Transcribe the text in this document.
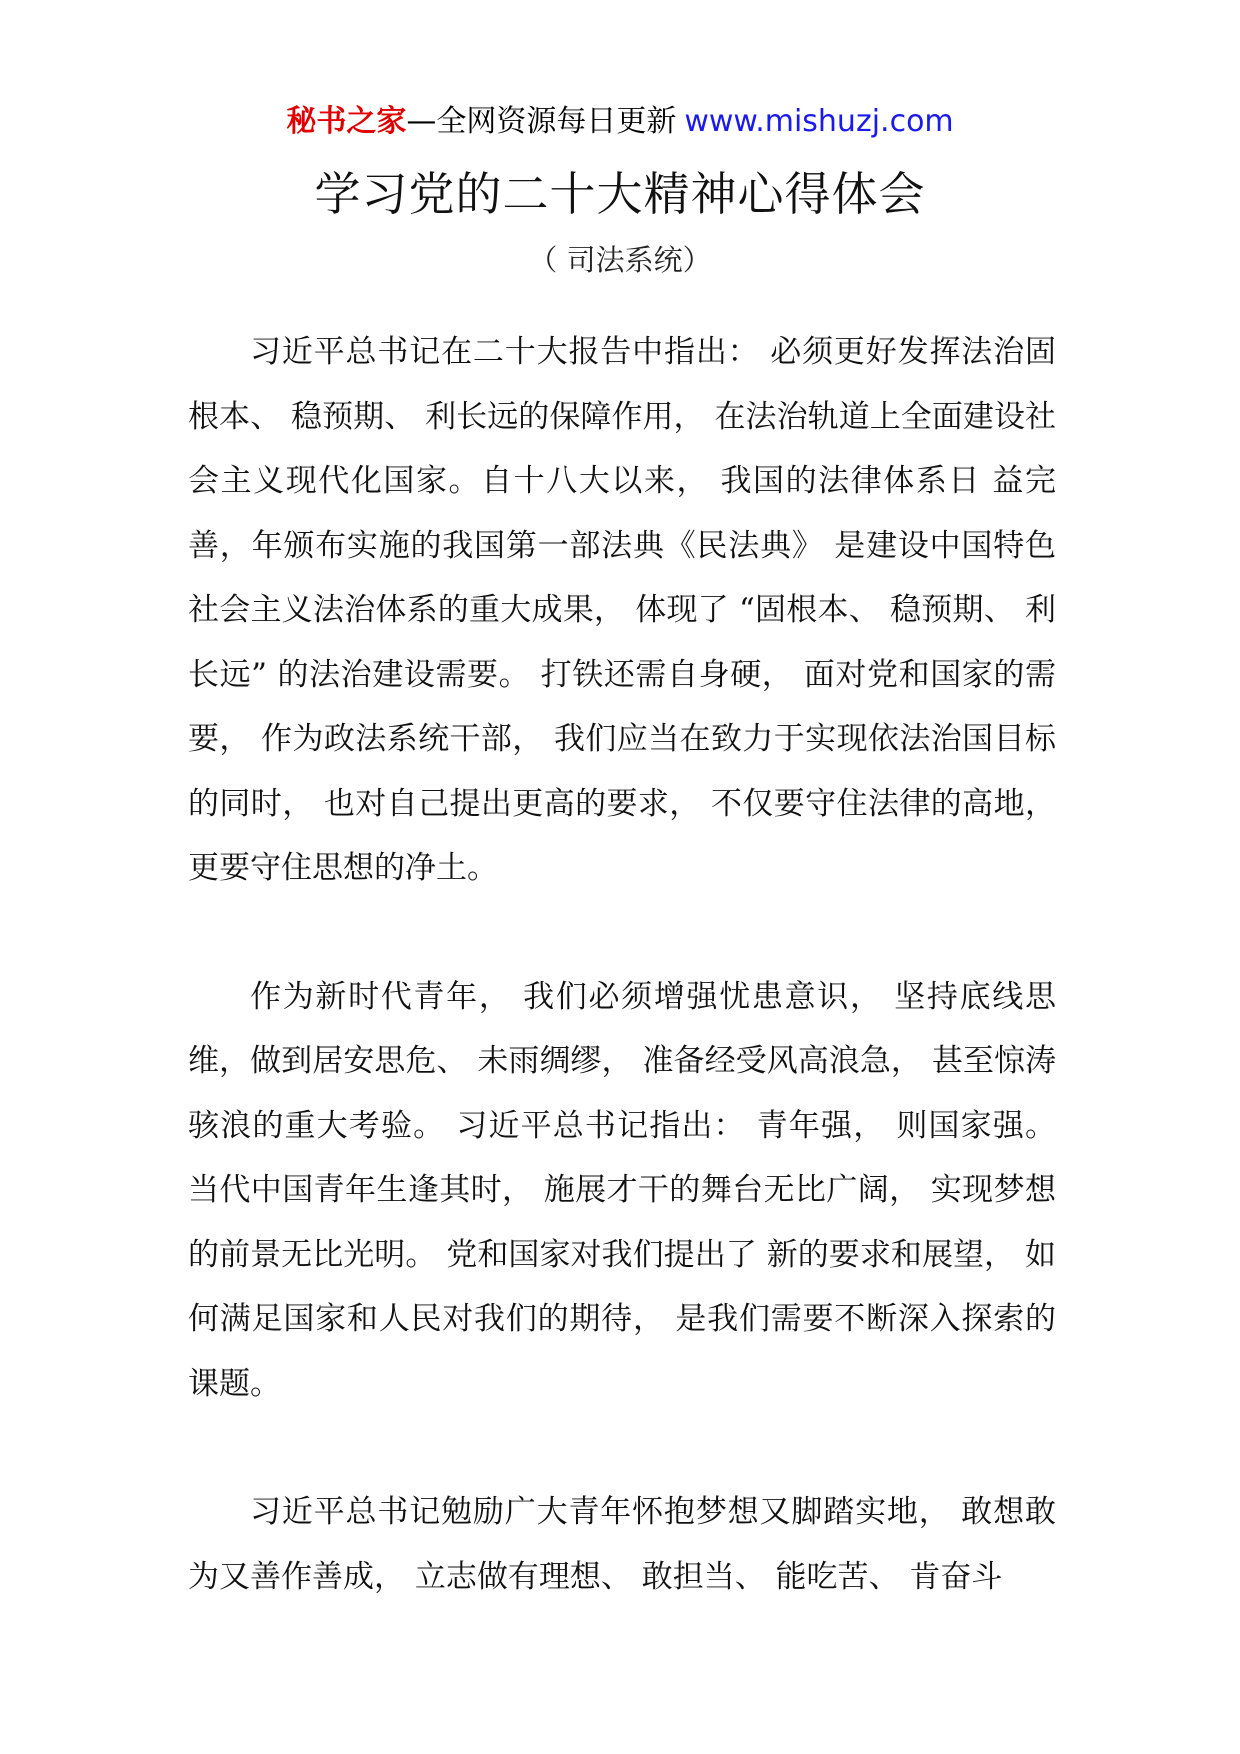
秘书之家—全网资源每日更新 www.mishuzj.com
学习党的二十大精神心得体会
（ 司法系统）

习近平总书记在二十大报告中指出： 必须更好发挥法治固根本、 稳预期、 利长远的保障作用， 在法治轨道上全面建设社会主义现代化国家。自十八大以来， 我国的法律体系日 益完善，年颁布实施的我国第一部法典《民法典》 是建设中国特色社会主义法治体系的重大成果， 体现了 “固根本、 稳预期、 利长远” 的法治建设需要。 打铁还需自身硬， 面对党和国家的需要， 作为政法系统干部， 我们应当在致力于实现依法治国目标的同时， 也对自己提出更高的要求， 不仅要守住法律的高地，更要守住思想的净土。

作为新时代青年， 我们必须增强忧患意识， 坚持底线思维，做到居安思危、 未雨绸缪， 准备经受风高浪急， 甚至惊涛骇浪的重大考验。 习近平总书记指出： 青年强， 则国家强。 当代中国青年生逢其时， 施展才干的舞台无比广阔， 实现梦想的前景无比光明。 党和国家对我们提出了 新的要求和展望， 如何满足国家和人民对我们的期待， 是我们需要不断深入探索的课题。

习近平总书记勉励广大青年怀抱梦想又脚踏实地， 敢想敢为又善作善成， 立志做有理想、 敢担当、 能吃苦、 肯奋斗
